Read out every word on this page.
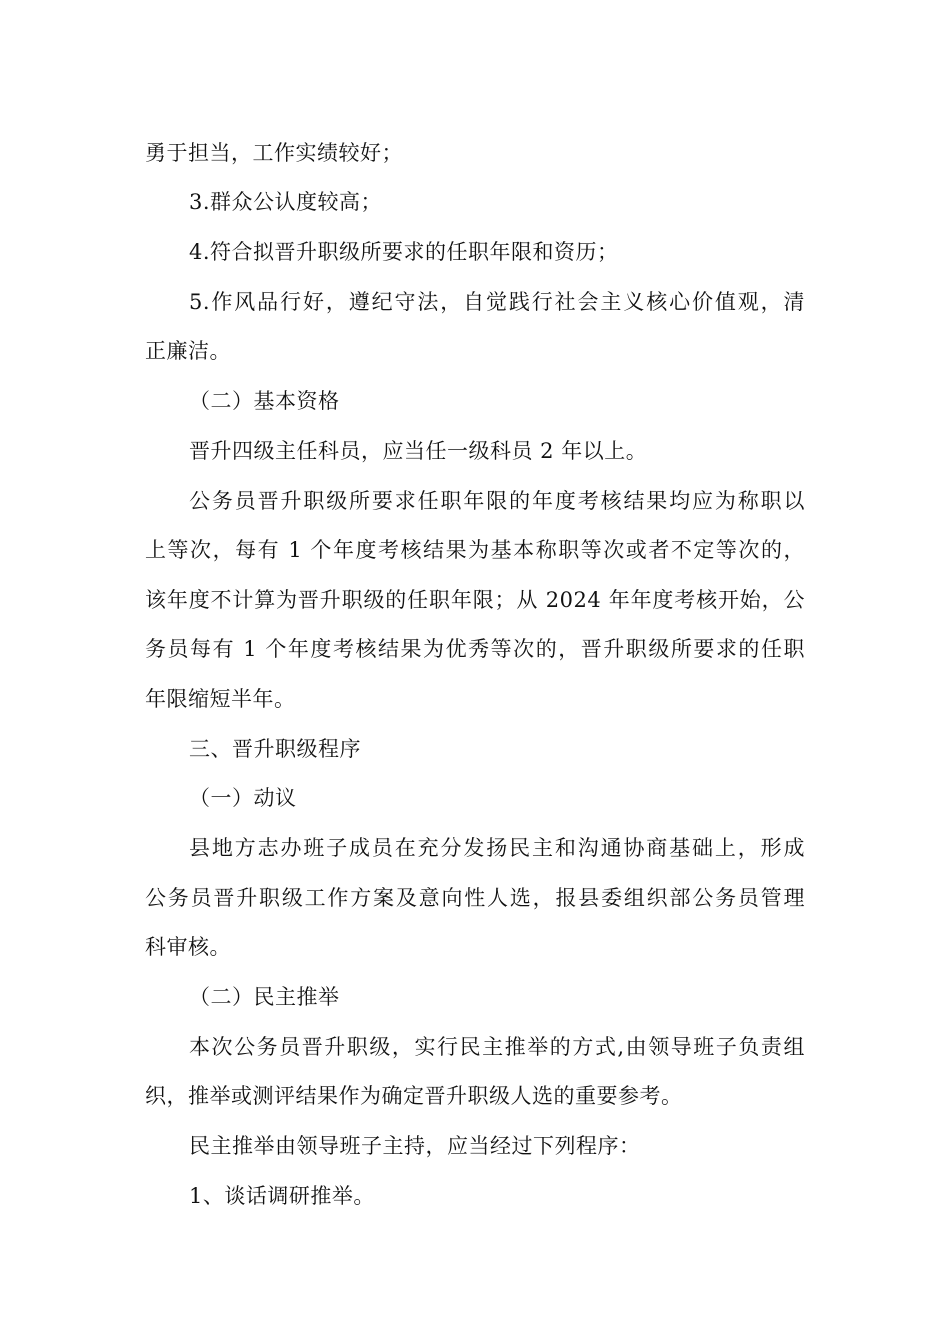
勇于担当，工作实绩较好；
3.群众公认度较高；
4.符合拟晋升职级所要求的任职年限和资历；
5.作风品行好，遵纪守法，自觉践行社会主义核心价值观，清
正廉洁。
（二）基本资格
晋升四级主任科员，应当任一级科员 2 年以上。
公务员晋升职级所要求任职年限的年度考核结果均应为称职以
上等次，每有 1 个年度考核结果为基本称职等次或者不定等次的，
该年度不计算为晋升职级的任职年限；从 2024 年年度考核开始，公
务员每有 1 个年度考核结果为优秀等次的，晋升职级所要求的任职
年限缩短半年。
三、晋升职级程序
（一）动议
县地方志办班子成员在充分发扬民主和沟通协商基础上，形成
公务员晋升职级工作方案及意向性人选，报县委组织部公务员管理
科审核。
（二）民主推举
本次公务员晋升职级，实行民主推举的方式,由领导班子负责组
织，推举或测评结果作为确定晋升职级人选的重要参考。
民主推举由领导班子主持，应当经过下列程序：
1、谈话调研推举。
